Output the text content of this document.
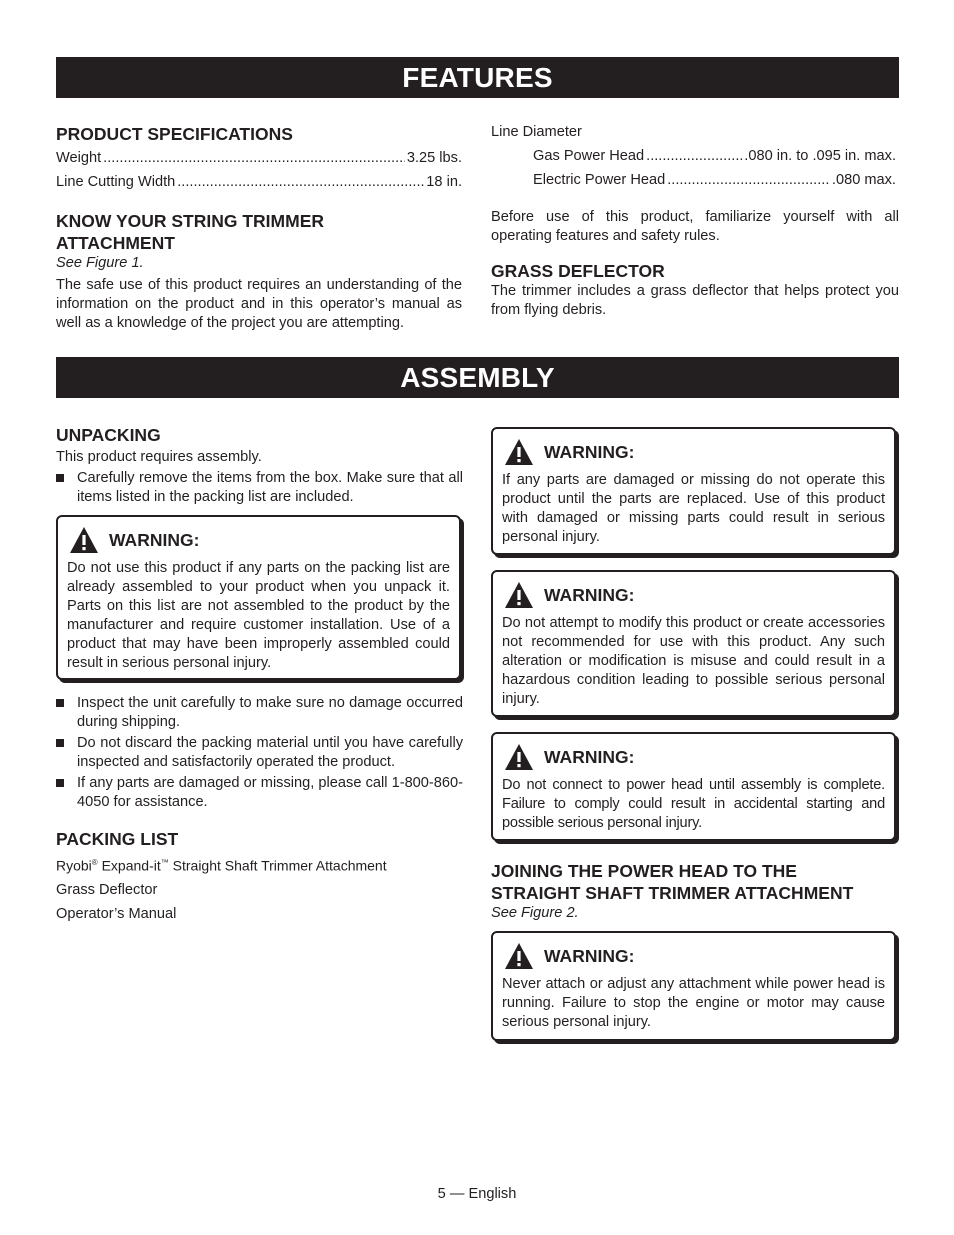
FEATURES
PRODUCT SPECIFICATIONS
Weight .....	3.25 lbs.
Line Cutting Width .....	18 in.
KNOW YOUR STRING TRIMMER
ATTACHMENT

See Figure 1.

The safe use of this product requires an understanding of the information on the product and in this operator’s manual as well as a knowledge of the project you are attempting.

Line Diameter

Gas Power Head .....	.080 in. to .095 in. max.
Electric Power Head .....	.080 max.

Before use of this product, familiarize yourself with all operating features and safety rules.

GRASS DEFLECTOR

The trimmer includes a grass deflector that helps protect you from flying debris.

ASSEMBLY
UNPACKING

This product requires assembly.

Carefully remove the items from the box. Make sure that all items listed in the packing list are included.
WARNING:
Do not use this product if any parts on the packing list are already assembled to your product when you unpack it. Parts on this list are not assembled to the product by the manufacturer and require customer installation. Use of a product that may have been improperly assembled could result in serious personal injury.
Inspect the unit carefully to make sure no damage occurred during shipping.
Do not discard the packing material until you have carefully inspected and satisfactorily operated the product.
If any parts are damaged or missing, please call 1-800-860-4050 for assistance.
PACKING LIST

Ryobi® Expand-it™ Straight Shaft Trimmer Attachment

Grass Deflector

Operator’s Manual

WARNING:
If any parts are damaged or missing do not operate this product until the parts are replaced. Use of this product with damaged or missing parts could result in serious personal injury.
WARNING:
Do not attempt to modify this product or create accessories not recommended for use with this product. Any such alteration or modification is misuse and could result in a hazardous condition leading to possible serious personal injury.
WARNING:
Do not connect to power head until assembly is complete. Failure to comply could result in accidental starting and possible serious personal injury.
JOINING THE POWER HEAD TO THE
STRAIGHT SHAFT TRIMMER ATTACHMENT

See Figure 2.

WARNING:
Never attach or adjust any attachment while power head is running. Failure to stop the engine or motor may cause serious personal injury.
5 — English
